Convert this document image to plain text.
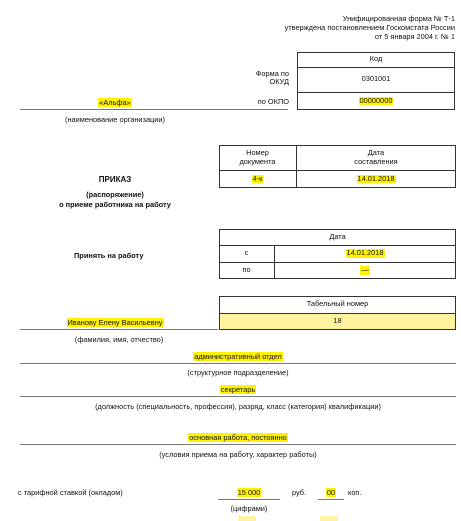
Унифицированная форма № Т-1
утверждена постановлением Госкомстата России
от 5 января 2004 г. № 1
Код
Форма по
ОКУД	0301001
по ОКПО	00000000
«Альфа»
(наименование организации)
Номер
документа
Дата
составления
4-к	14.01.2018
ПРИКАЗ
(распоряжение)
о приеме работника на работу
Принять на работу
Дата
с	14.01.2018
по	—
Табельный номер
18
Иванову Елену Васильевну
(фамилия, имя, отчество)
административный отдел
(структурное подразделение)
секретарь
(должность (специальность, профессия), разряд, класс (категория) квалификации)
основная работа, постоянно
(условия приема на работу, характер работы)
с тарифной ставкой (окладом)	15 000	руб.	00	коп.
(цифрами)
